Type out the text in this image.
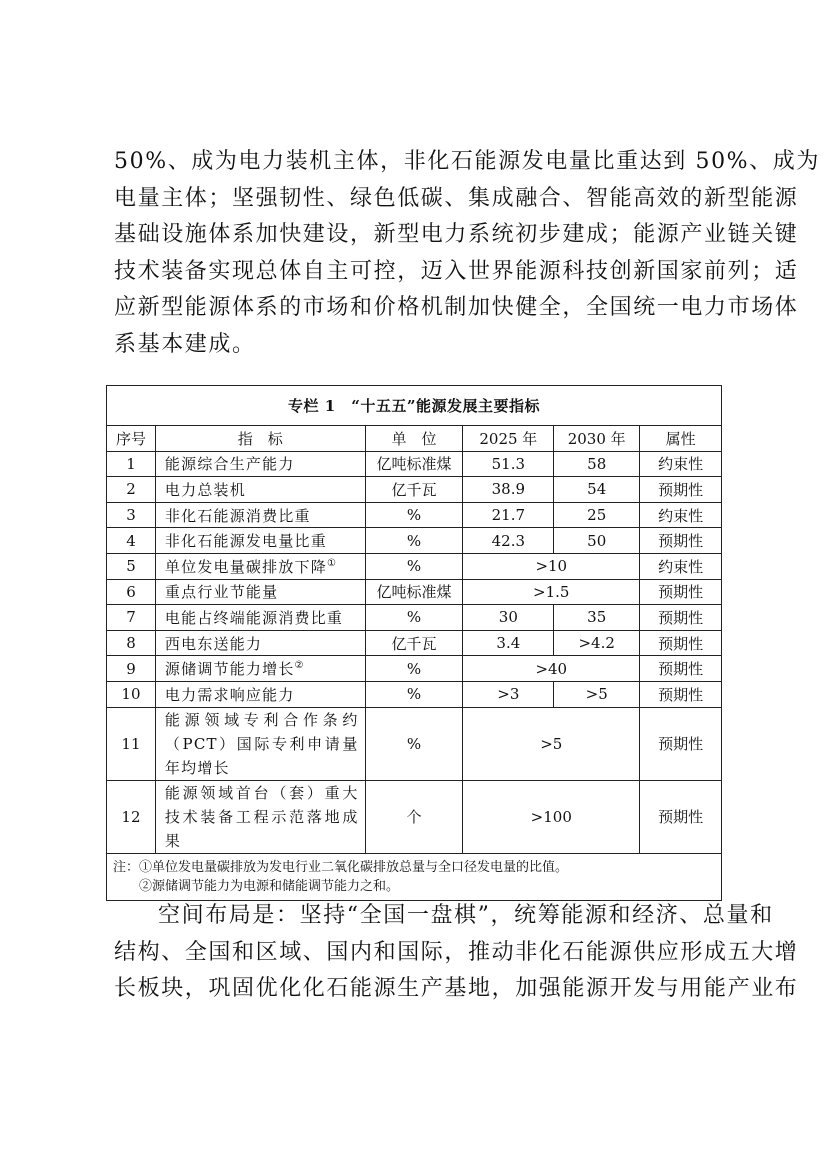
50%、成为电力装机主体，非化石能源发电量比重达到 50%、成为
电量主体；坚强韧性、绿色低碳、集成融合、智能高效的新型能源
基础设施体系加快建设，新型电力系统初步建成；能源产业链关键
技术装备实现总体自主可控，迈入世界能源科技创新国家前列；适
应新型能源体系的市场和价格机制加快健全，全国统一电力市场体
系基本建成。
专栏 1　“十五五”能源发展主要指标					
序号	指　标	单　位	2025 年	2030 年	属性
1	能源综合生产能力	亿吨标准煤	51.3	58	约束性
2	电力总装机	亿千瓦	38.9	54	预期性
3	非化石能源消费比重	%	21.7	25	约束性
4	非化石能源发电量比重	%	42.3	50	预期性
5	单位发电量碳排放下降①	%	>10		约束性
6	重点行业节能量	亿吨标准煤	>1.5		预期性
7	电能占终端能源消费比重	%	30	35	预期性
8	西电东送能力	亿千瓦	3.4	>4.2	预期性
9	源储调节能力增长②	%	>40		预期性
10	电力需求响应能力	%	>3	>5	预期性
11	能源领域专利合作条约（PCT）国际专利申请量年均增长	%	>5		预期性
12	能源领域首台（套）重大技术装备工程示范落地成果	个	>100		预期性

注：①单位发电量碳排放为发电行业二氧化碳排放总量与全口径发电量的比值。
②源储调节能力为电源和储能调节能力之和。					
空间布局是：坚持“全国一盘棋”，统筹能源和经济、总量和
结构、全国和区域、国内和国际，推动非化石能源供应形成五大增
长板块，巩固优化化石能源生产基地，加强能源开发与用能产业布
